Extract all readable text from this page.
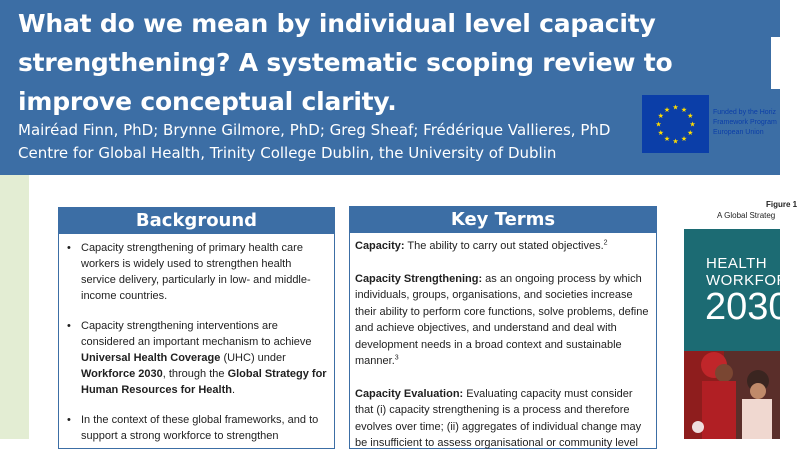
What do we mean by individual level capacity strengthening? A systematic scoping review to improve conceptual clarity.
Mairéad Finn, PhD; Brynne Gilmore, PhD; Greg Sheaf; Frédérique Vallieres, PhD
Centre for Global Health, Trinity College Dublin, the University of Dublin
★ ★
★
★
★
★
★
★
★
★
★
★	Funded by the Horiz
Framework Program
European Union
Background
• Capacity strengthening of primary health care workers is widely used to strengthen health service delivery, particularly in low- and middle-income countries.
• Capacity strengthening interventions are considered an important mechanism to achieve Universal Health Coverage (UHC) under Workforce 2030, through the Global Strategy for Human Resources for Health.
• In the context of these global frameworks, and to support a strong workforce to strengthen
Key Terms
Capacity: The ability to carry out stated objectives.$^2$
Capacity Strengthening: as an ongoing process by which individuals, groups, organisations, and societies increase their ability to perform core functions, solve problems, define and achieve objectives, and understand and deal with development needs in a broad context and sustainable manner.$^3$
Capacity Evaluation: Evaluating capacity must consider that (i) capacity strengthening is a process and therefore evolves over time; (ii) aggregates of individual change may be insufficient to assess organisational or community level
Figure 1
A Global Strateg
HEALTH
WORKFORCE
2030
